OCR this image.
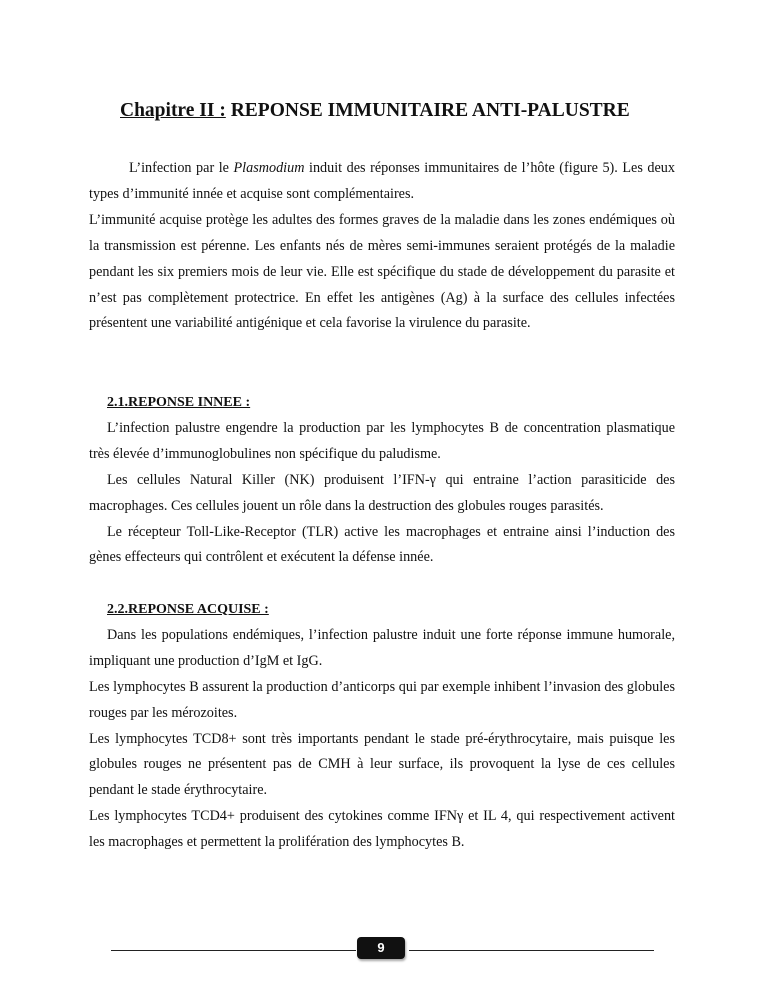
Chapitre II : REPONSE IMMUNITAIRE ANTI-PALUSTRE

L’infection par le Plasmodium induit des réponses immunitaires de l’hôte (figure 5). Les deux types d’immunité innée et acquise sont complémentaires.

L’immunité acquise protège les adultes des formes graves de la maladie dans les zones endémiques où la transmission est pérenne. Les enfants nés de mères semi-immunes seraient protégés de la maladie pendant les six premiers mois de leur vie. Elle est spécifique du stade de développement du parasite et n’est pas complètement protectrice. En effet les antigènes (Ag) à la surface des cellules infectées présentent une variabilité antigénique et cela favorise la virulence du parasite.

2.1.REPONSE INNEE :

L’infection palustre engendre la production par les lymphocytes B de concentration plasmatique très élevée d’immunoglobulines non spécifique du paludisme.

Les cellules Natural Killer (NK) produisent l’IFN-γ qui entraine l’action parasiticide des macrophages. Ces cellules jouent un rôle dans la destruction des globules rouges parasités.

Le récepteur Toll-Like-Receptor (TLR) active les macrophages et entraine ainsi l’induction des gènes effecteurs qui contrôlent et exécutent la défense innée.

2.2.REPONSE ACQUISE :

Dans les populations endémiques, l’infection palustre induit une forte réponse immune humorale, impliquant une production d’IgM et IgG.

Les lymphocytes B assurent la production d’anticorps qui par exemple inhibent l’invasion des globules rouges par les mérozoites.

Les lymphocytes TCD8+ sont très importants pendant le stade pré-érythrocytaire, mais puisque les globules rouges ne présentent pas de CMH à leur surface, ils provoquent la lyse de ces cellules pendant le stade érythrocytaire.

Les lymphocytes TCD4+ produisent des cytokines comme IFNγ et IL 4, qui respectivement activent les macrophages et permettent la prolifération des lymphocytes B.

9
